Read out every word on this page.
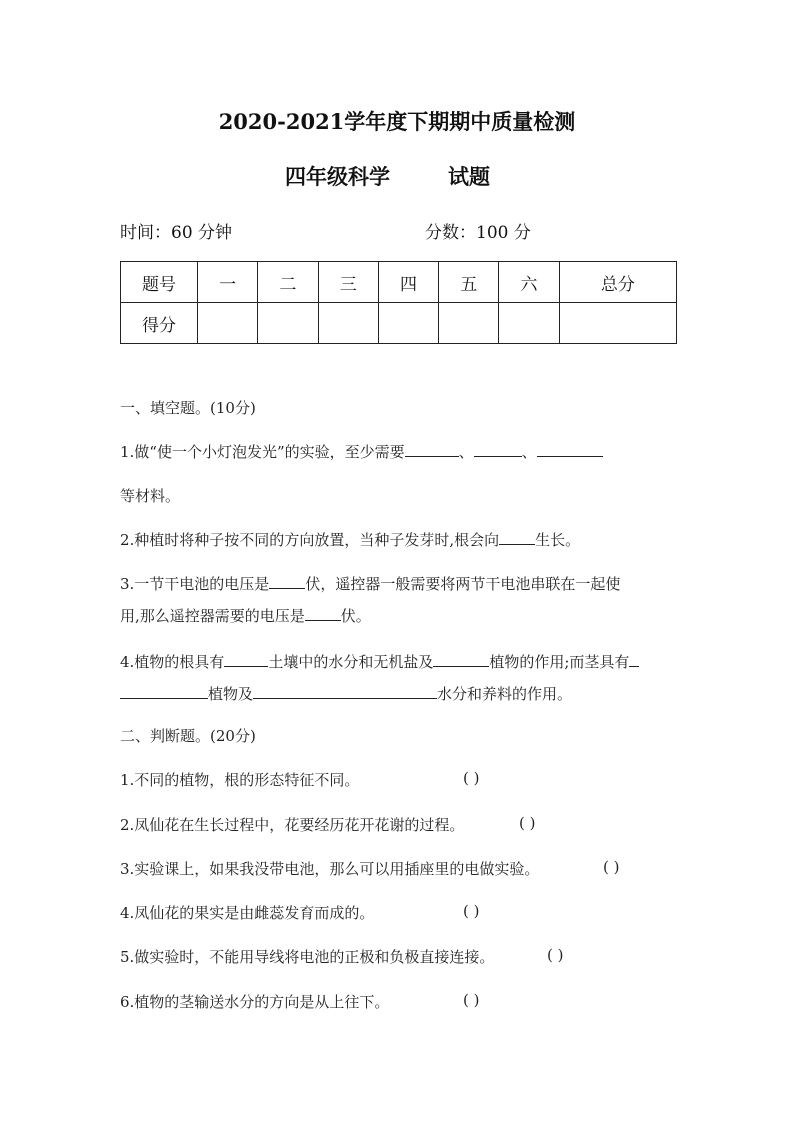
2020-2021学年度下期期中质量检测
四年级科学	试题
时间：60 分钟	分数：100 分
题号	一	二	三	四	五	六	总分
得分							
一、填空题。(10分)
1.做“使一个小灯泡发光”的实验，至少需要	、	、
等材料。
2.种植时将种子按不同的方向放置，当种子发芽时,根会向 生长。
3.一节干电池的电压是 伏，遥控器一般需要将两节干电池串联在一起使
用,那么遥控器需要的电压是 伏。
4.植物的根具有	土壤中的水分和无机盐及	植物的作用;而茎具有
植物及	水分和养料的作用。
二、判断题。(20分)
1.不同的植物，根的形态特征不同。	( )
2.凤仙花在生长过程中，花要经历花开花谢的过程。	( )
3.实验课上，如果我没带电池，那么可以用插座里的电做实验。	( )
4.凤仙花的果实是由雌蕊发育而成的。	( )
5.做实验时，不能用导线将电池的正极和负极直接连接。	( )
6.植物的茎输送水分的方向是从上往下。	( )
